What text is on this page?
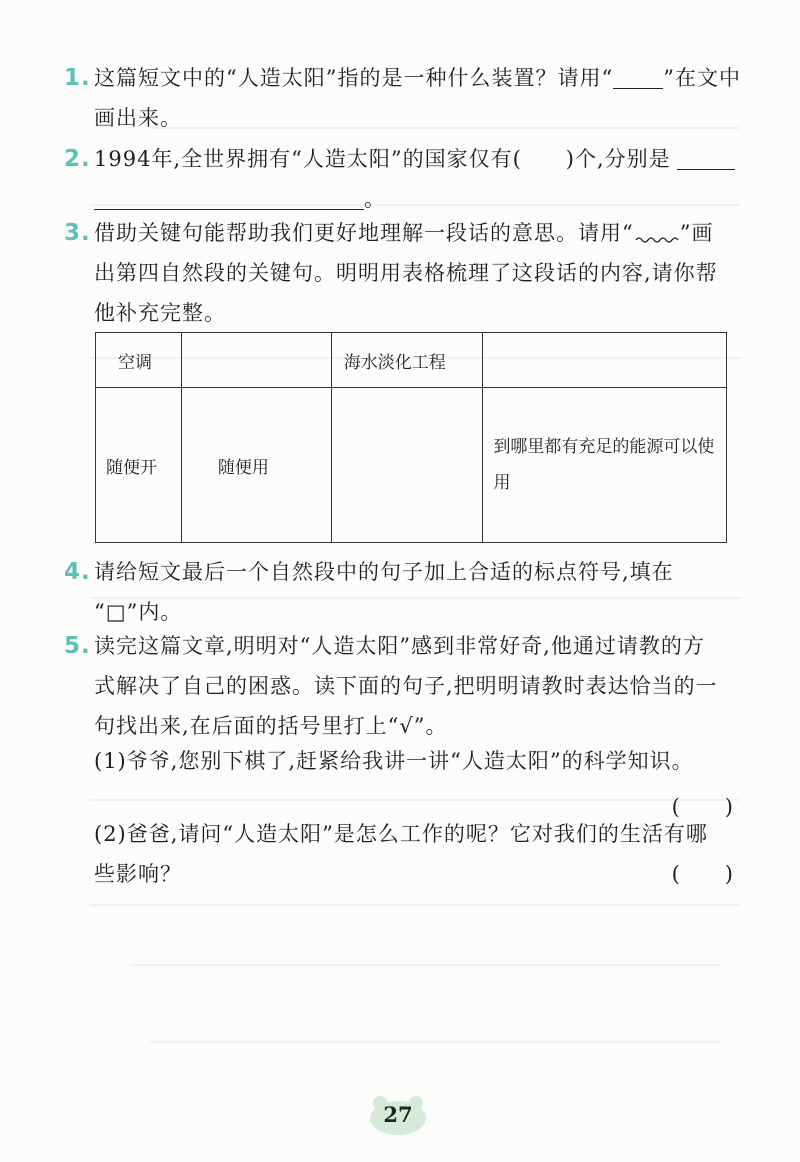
1. 这篇短文中的“人造太阳”指的是一种什么装置？请用“ ”在文中
画出来。
2. 1994年,全世界拥有“人造太阳”的国家仅有( )个,分别是
。
3. 借助关键句能帮助我们更好地理解一段话的意思。请用“ ”画
出第四自然段的关键句。明明用表格梳理了这段话的内容,请你帮
他补充完整。
空调		海水淡化工程	
随便开	随便用		到哪里都有充足的能源可以使用
4. 请给短文最后一个自然段中的句子加上合适的标点符号,填在
“□”内。
5. 读完这篇文章,明明对“人造太阳”感到非常好奇,他通过请教的方
式解决了自己的困惑。读下面的句子,把明明请教时表达恰当的一
句找出来,在后面的括号里打上“√”。
(1)爷爷,您别下棋了,赶紧给我讲一讲“人造太阳”的科学知识。
(　　)
(2)爸爸,请问“人造太阳”是怎么工作的呢？它对我们的生活有哪
些影响？	(　　)
27
